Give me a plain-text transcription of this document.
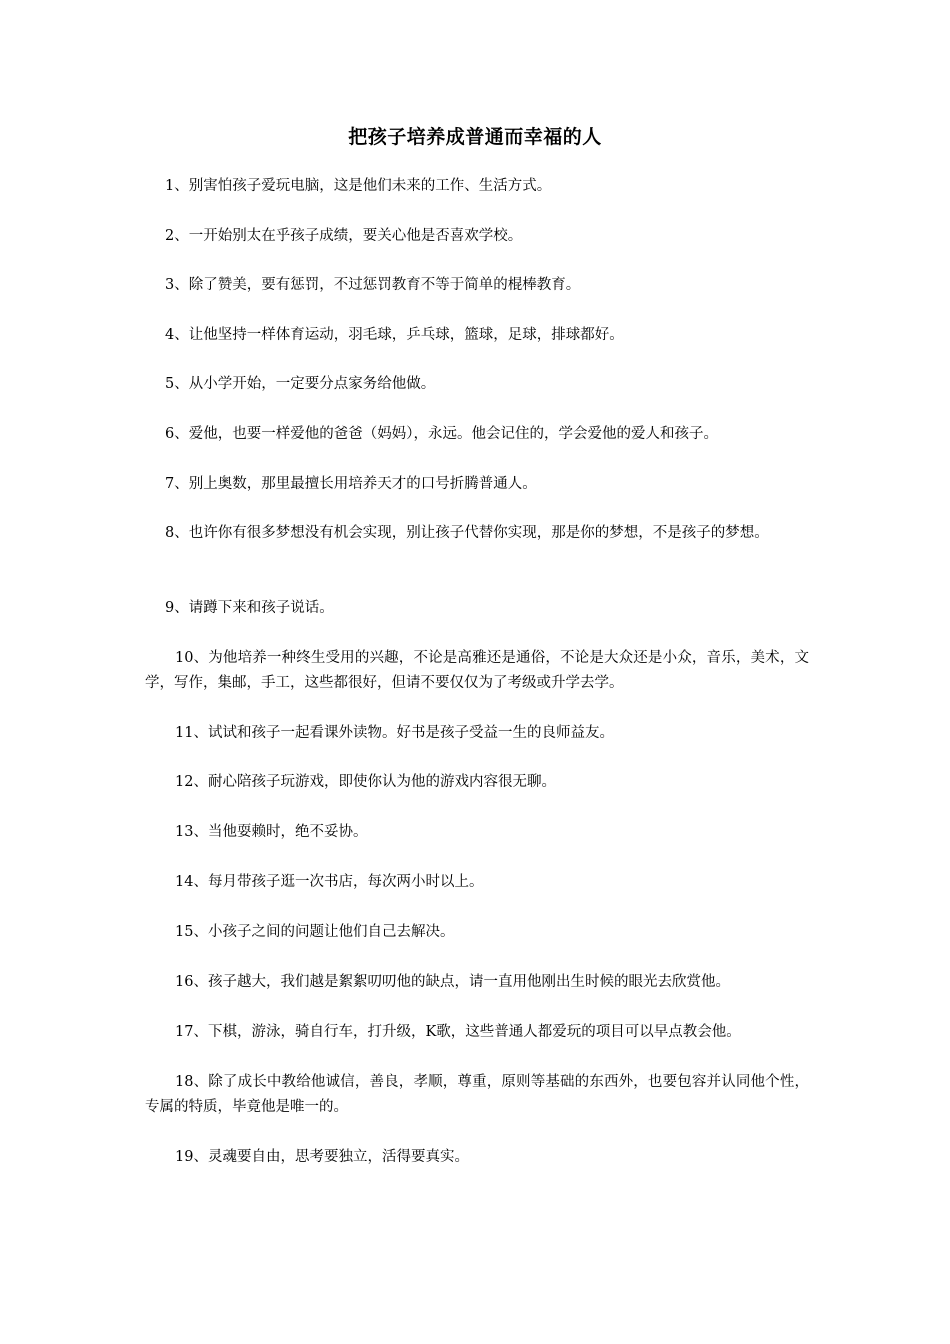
把孩子培养成普通而幸福的人

1、别害怕孩子爱玩电脑，这是他们未来的工作、生活方式。

2、一开始别太在乎孩子成绩，要关心他是否喜欢学校。

3、除了赞美，要有惩罚，不过惩罚教育不等于简单的棍棒教育。

4、让他坚持一样体育运动，羽毛球，乒乓球，篮球，足球，排球都好。

5、从小学开始，一定要分点家务给他做。

6、爱他，也要一样爱他的爸爸（妈妈），永远。他会记住的，学会爱他的爱人和孩子。

7、别上奥数，那里最擅长用培养天才的口号折腾普通人。

8、也许你有很多梦想没有机会实现，别让孩子代替你实现，那是你的梦想，不是孩子的梦想。

9、请蹲下来和孩子说话。

10、为他培养一种终生受用的兴趣，不论是高雅还是通俗，不论是大众还是小众，音乐，美术，文学，写作，集邮，手工，这些都很好，但请不要仅仅为了考级或升学去学。

11、试试和孩子一起看课外读物。好书是孩子受益一生的良师益友。

12、耐心陪孩子玩游戏，即使你认为他的游戏内容很无聊。

13、当他耍赖时，绝不妥协。

14、每月带孩子逛一次书店，每次两小时以上。

15、小孩子之间的问题让他们自己去解决。

16、孩子越大，我们越是絮絮叨叨他的缺点，请一直用他刚出生时候的眼光去欣赏他。

17、下棋，游泳，骑自行车，打升级，K歌，这些普通人都爱玩的项目可以早点教会他。

18、除了成长中教给他诚信，善良，孝顺，尊重，原则等基础的东西外，也要包容并认同他个性，专属的特质，毕竟他是唯一的。

19、灵魂要自由，思考要独立，活得要真实。
